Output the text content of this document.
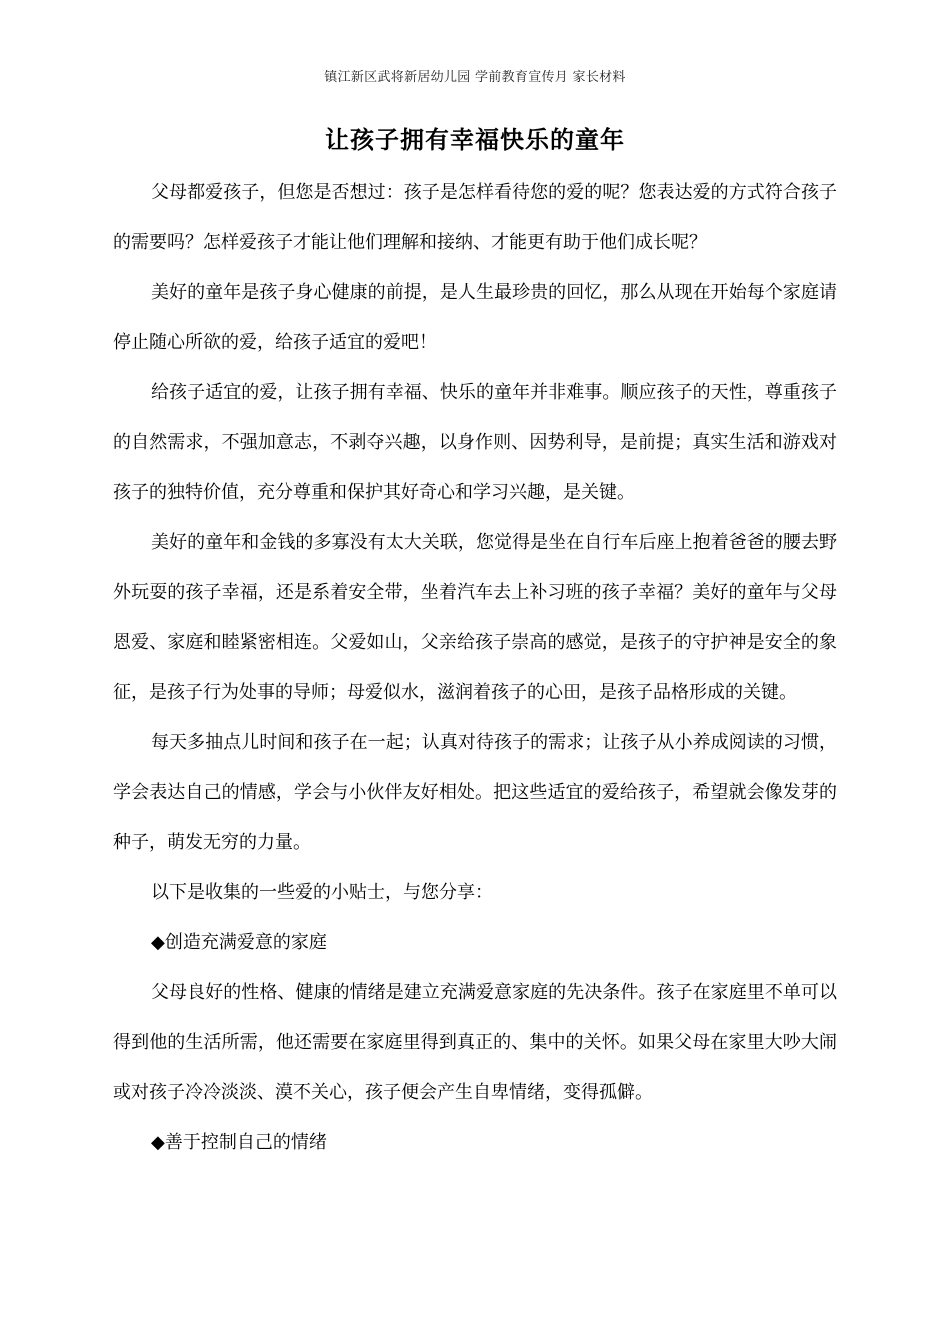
镇江新区武将新居幼儿园 学前教育宣传月 家长材料
让孩子拥有幸福快乐的童年

父母都爱孩子，但您是否想过：孩子是怎样看待您的爱的呢？您表达爱的方式符合孩子的需要吗？怎样爱孩子才能让他们理解和接纳、才能更有助于他们成长呢？

美好的童年是孩子身心健康的前提，是人生最珍贵的回忆，那么从现在开始每个家庭请停止随心所欲的爱，给孩子适宜的爱吧！

给孩子适宜的爱，让孩子拥有幸福、快乐的童年并非难事。顺应孩子的天性，尊重孩子的自然需求，不强加意志，不剥夺兴趣，以身作则、因势利导，是前提；真实生活和游戏对孩子的独特价值，充分尊重和保护其好奇心和学习兴趣，是关键。

美好的童年和金钱的多寡没有太大关联，您觉得是坐在自行车后座上抱着爸爸的腰去野外玩耍的孩子幸福，还是系着安全带，坐着汽车去上补习班的孩子幸福？美好的童年与父母恩爱、家庭和睦紧密相连。父爱如山，父亲给孩子崇高的感觉，是孩子的守护神是安全的象征，是孩子行为处事的导师；母爱似水，滋润着孩子的心田，是孩子品格形成的关键。

每天多抽点儿时间和孩子在一起；认真对待孩子的需求；让孩子从小养成阅读的习惯，学会表达自己的情感，学会与小伙伴友好相处。把这些适宜的爱给孩子，希望就会像发芽的种子，萌发无穷的力量。

以下是收集的一些爱的小贴士，与您分享：

◆创造充满爱意的家庭

父母良好的性格、健康的情绪是建立充满爱意家庭的先决条件。孩子在家庭里不单可以得到他的生活所需，他还需要在家庭里得到真正的、集中的关怀。如果父母在家里大吵大闹或对孩子冷冷淡淡、漠不关心，孩子便会产生自卑情绪，变得孤僻。

◆善于控制自己的情绪
